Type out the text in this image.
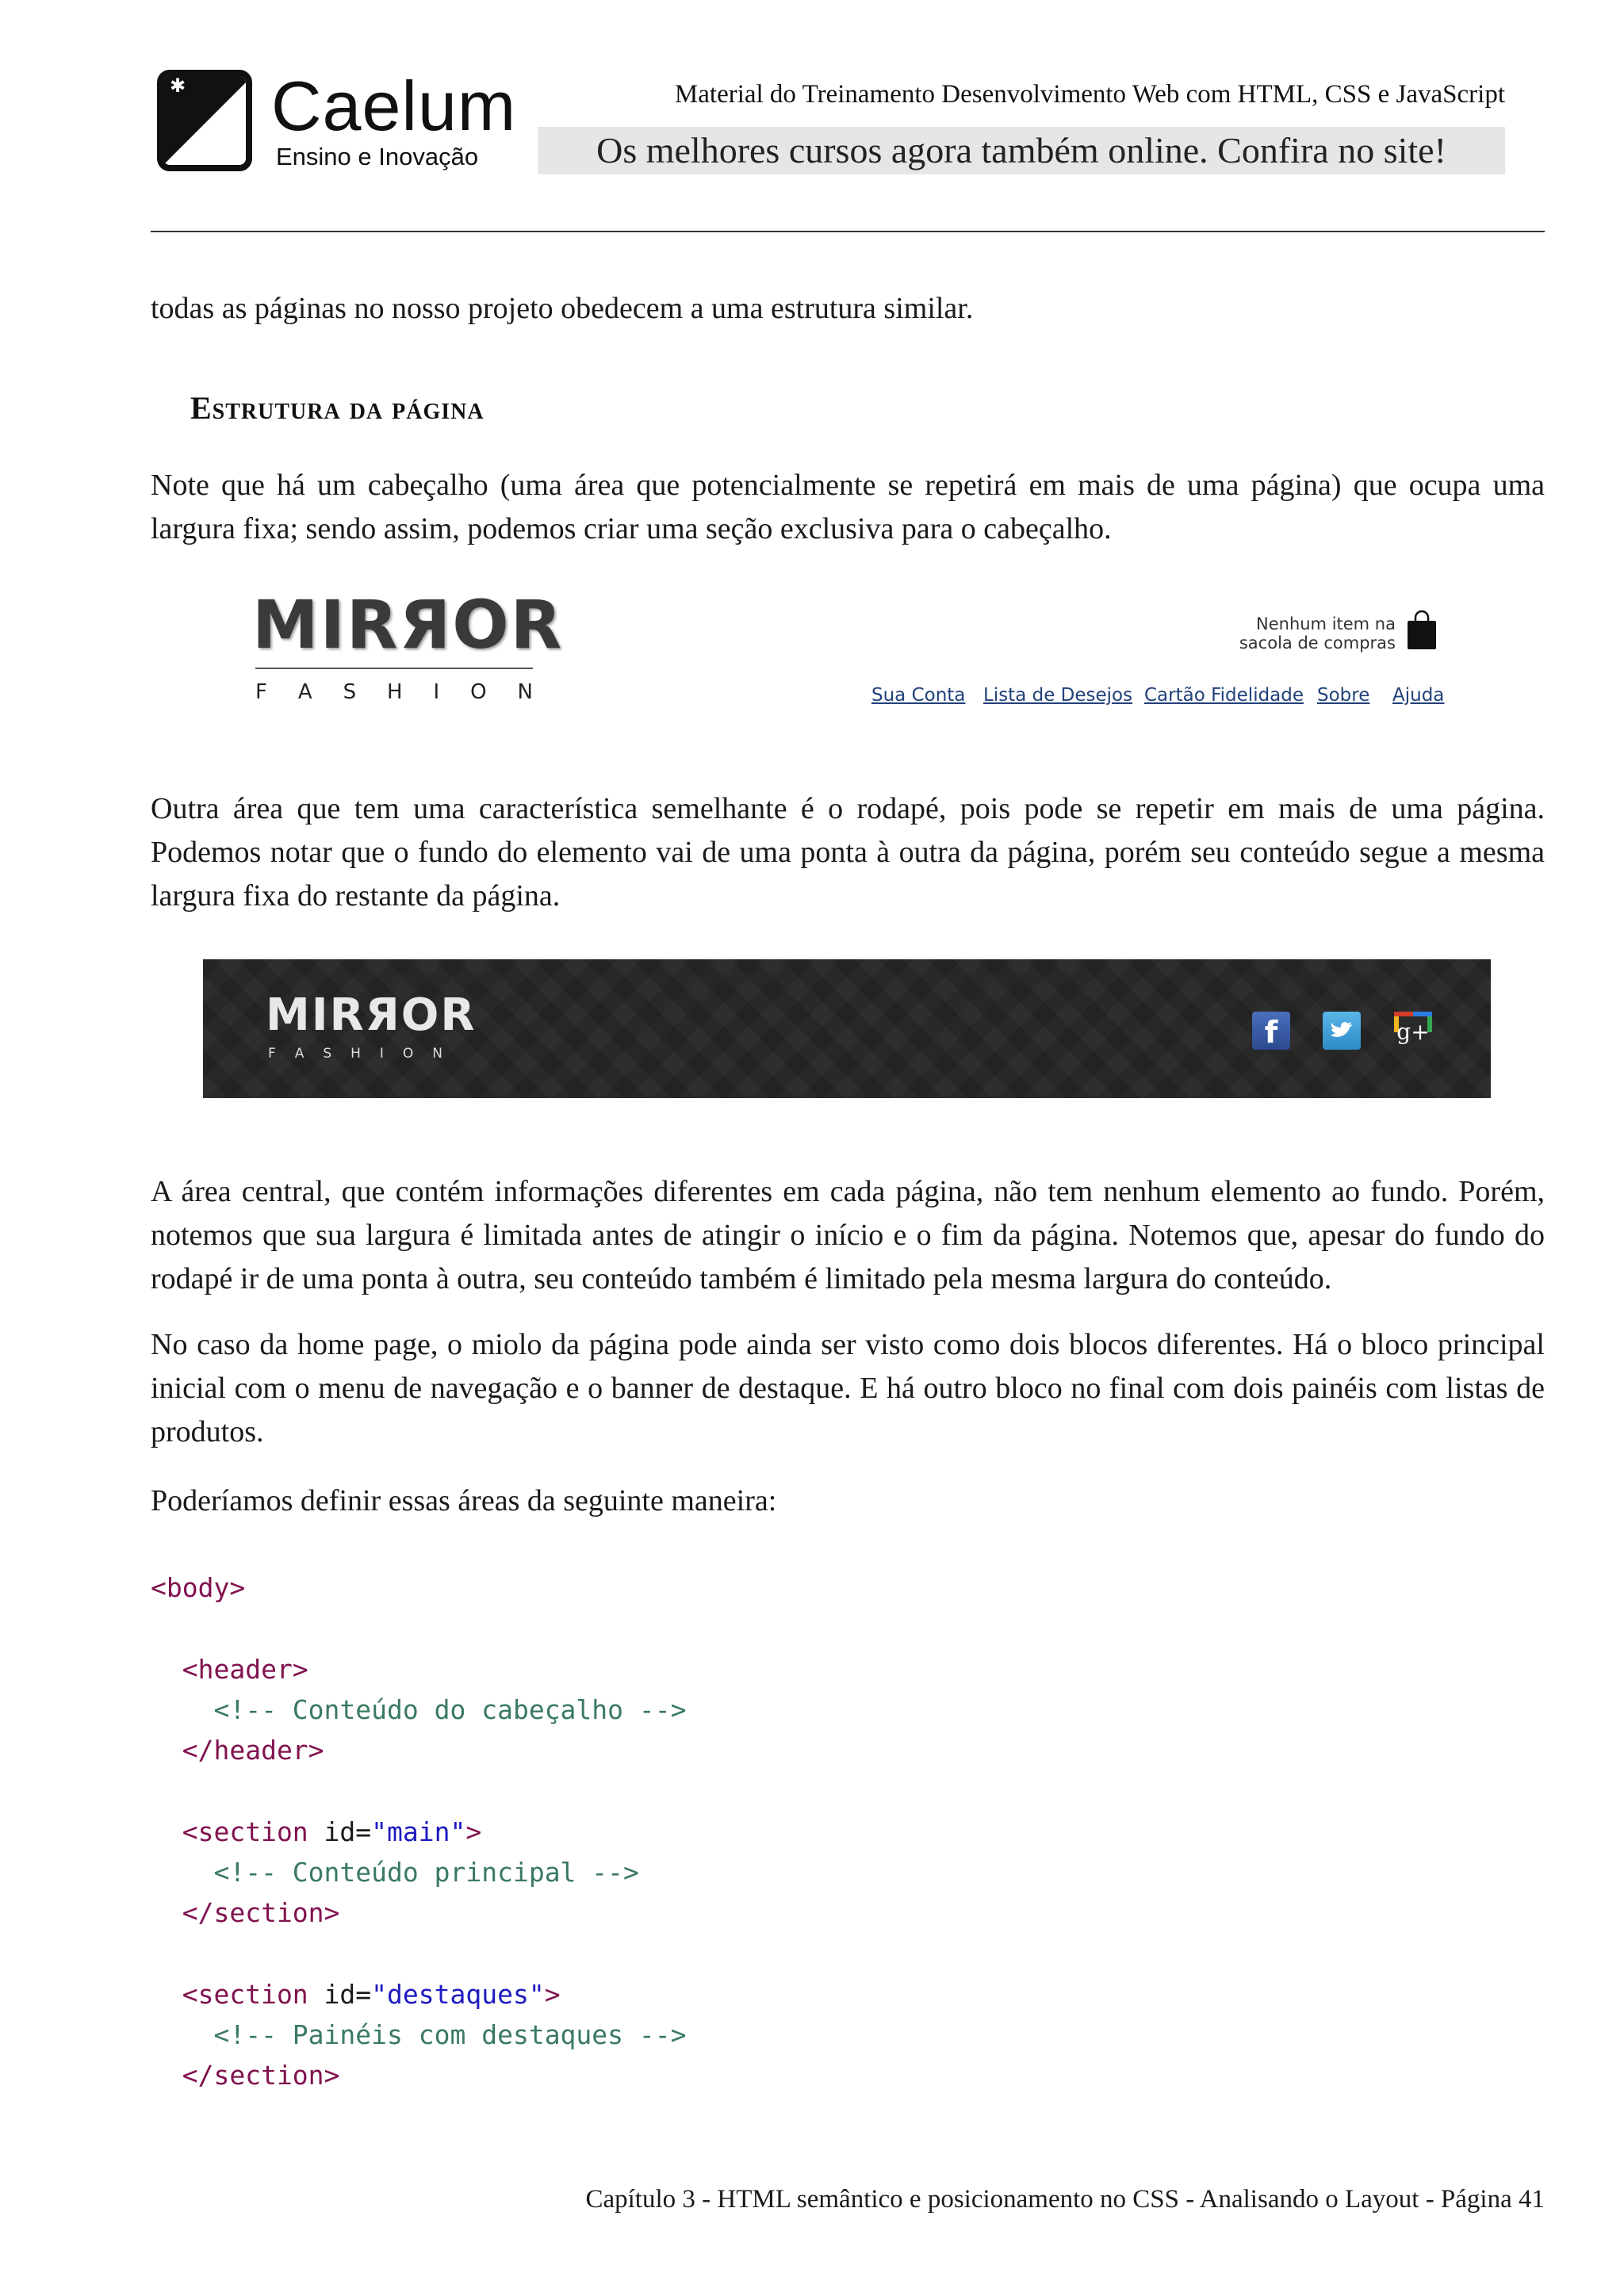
✱ Caelum
Ensino e Inovação
Material do Treinamento Desenvolvimento Web com HTML, CSS e JavaScript
Os melhores cursos agora também online. Confira no site!
todas as páginas no nosso projeto obedecem a uma estrutura similar.
Estrutura da página
Note que há um cabeçalho (uma área que potencialmente se repetirá em mais de uma página) que ocupa uma largura fixa; sendo assim, podemos criar uma seção exclusiva para o cabeçalho.
MIRЯOR
F A S H I O N
Nenhum item na
sacola de compras
Sua Conta Lista de Desejos Cartão Fidelidade Sobre Ajuda
Outra área que tem uma característica semelhante é o rodapé, pois pode se repetir em mais de uma página. Podemos notar que o fundo do elemento vai de uma ponta à outra da página, porém seu conteúdo segue a mesma largura fixa do restante da página.
MIRЯOR
F A S H I O N
f	g+
A área central, que contém informações diferentes em cada página, não tem nenhum elemento ao fundo. Porém, notemos que sua largura é limitada antes de atingir o início e o fim da página. Notemos que, apesar do fundo do rodapé ir de uma ponta à outra, seu conteúdo também é limitado pela mesma largura do conteúdo.
No caso da home page, o miolo da página pode ainda ser visto como dois blocos diferentes. Há o bloco principal inicial com o menu de navegação e o banner de destaque. E há outro bloco no final com dois painéis com listas de produtos.
Poderíamos definir essas áreas da seguinte maneira:
<body>
<header>
<!-- Conteúdo do cabeçalho -->
</header>
<section id="main">
<!-- Conteúdo principal -->
</section>
<section id="destaques">
<!-- Painéis com destaques -->
</section>
Capítulo 3 - HTML semântico e posicionamento no CSS - Analisando o Layout - Página 41
